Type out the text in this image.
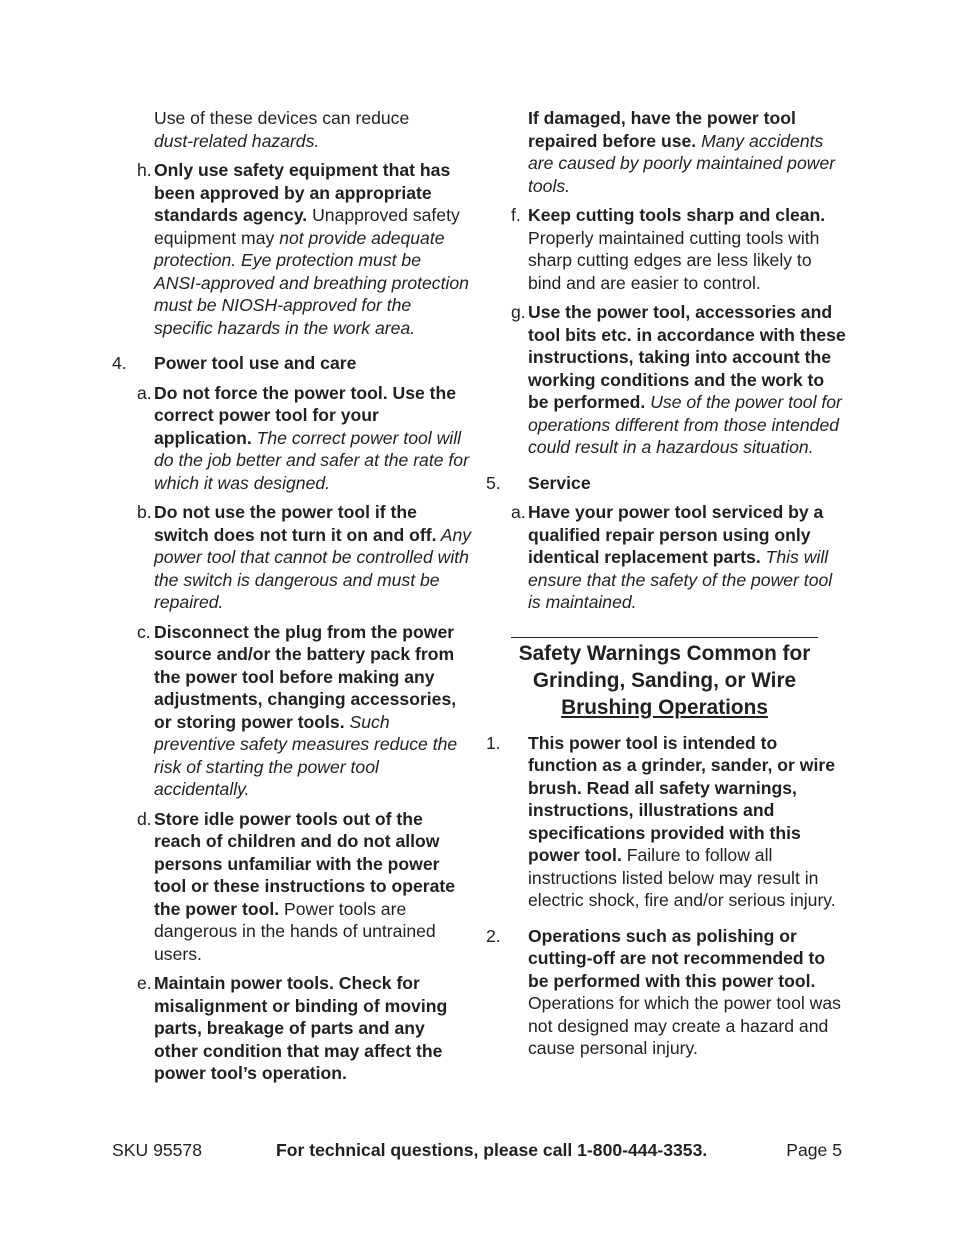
Use of these devices can reduce
dust-related hazards.

h. Only use safety equipment that has been approved by an appropriate standards agency. Unapproved safety equipment may not provide adequate protection. Eye protection must be ANSI-approved and breathing protection must be NIOSH-approved for the specific hazards in the work area.

4. Power tool use and care
a. Do not force the power tool. Use the correct power tool for your application. The correct power tool will do the job better and safer at the rate for which it was designed.

b. Do not use the power tool if the switch does not turn it on and off. Any power tool that cannot be controlled with the switch is dangerous and must be repaired.

c. Disconnect the plug from the power source and/or the battery pack from the power tool before making any adjustments, changing accessories, or storing power tools. Such preventive safety measures reduce the risk of starting the power tool accidentally.

d. Store idle power tools out of the reach of children and do not allow persons unfamiliar with the power tool or these instructions to operate the power tool. Power tools are dangerous in the hands of untrained users.

e. Maintain power tools. Check for misalignment or binding of moving parts, breakage of parts and any other condition that may affect the power tool’s operation.

If damaged, have the power tool repaired before use. Many accidents are caused by poorly maintained power tools.

f. Keep cutting tools sharp and clean. Properly maintained cutting tools with sharp cutting edges are less likely to bind and are easier to control.

g. Use the power tool, accessories and tool bits etc. in accordance with these instructions, taking into account the working conditions and the work to be performed. Use of the power tool for operations different from those intended could result in a hazardous situation.

5. Service
a. Have your power tool serviced by a qualified repair person using only identical replacement parts. This will ensure that the safety of the power tool is maintained.

Safety Warnings Common for
Grinding, Sanding, or Wire
Brushing Operations
1. This power tool is intended to function as a grinder, sander, or wire brush. Read all safety warnings, instructions, illustrations and specifications provided with this power tool. Failure to follow all instructions listed below may result in electric shock, fire and/or serious injury.

2. Operations such as polishing or cutting-off are not recommended to be performed with this power tool. Operations for which the power tool was not designed may create a hazard and cause personal injury.

SKU 95578	For technical questions, please call 1-800-444-3353.	Page 5
